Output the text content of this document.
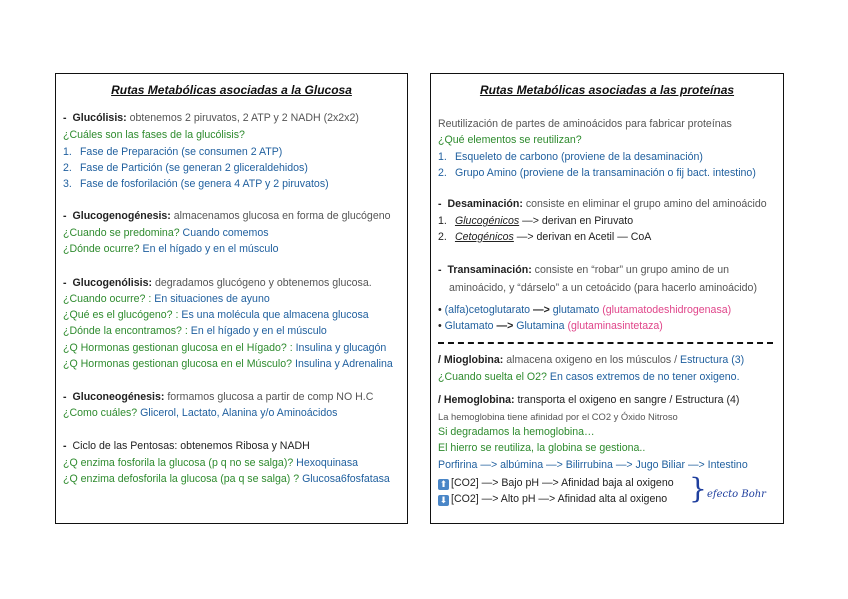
Rutas Metabólicas asociadas a la Glucosa
- Glucólisis: obtenemos 2 piruvatos, 2 ATP y 2 NADH (2x2x2)
¿Cuáles son las fases de la glucólisis?
1. Fase de Preparación (se consumen 2 ATP)
2. Fase de Partición (se generan 2 gliceraldehidos)
3. Fase de fosforilación (se genera 4 ATP y 2 piruvatos)
- Glucogenogénesis: almacenamos glucosa en forma de glucógeno
¿Cuando se predomina? Cuando comemos
¿Dónde ocurre? En el hígado y en el músculo
- Glucogenólisis: degradamos glucógeno y obtenemos glucosa.
¿Cuando ocurre? : En situaciones de ayuno
¿Qué es el glucógeno? : Es una molécula que almacena glucosa
¿Dónde la encontramos? : En el hígado y en el músculo
¿Q Hormonas gestionan glucosa en el Hígado? : Insulina y glucagón
¿Q Hormonas gestionan glucosa en el Músculo? Insulina y Adrenalina
- Gluconeogénesis: formamos glucosa a partir de comp NO H.C
¿Como cuáles? Glicerol, Lactato, Alanina y/o Aminoácidos
- Ciclo de las Pentosas: obtenemos Ribosa y NADH
¿Q enzima fosforila la glucosa (p q no se salga)? Hexoquinasa
¿Q enzima defosforila la glucosa (pa q se salga) ? Glucosa6fosfatasa
Rutas Metabólicas asociadas a las proteínas
Reutilización de partes de aminoácidos para fabricar proteínas
¿Qué elementos se reutilizan?
1. Esqueleto de carbono (proviene de la desaminación)
2. Grupo Amino (proviene de la transaminación o fij bact. intestino)
- Desaminación: consiste en eliminar el grupo amino del aminoácido
1. Glucogénicos —> derivan en Piruvato
2. Cetogénicos —> derivan en Acetil — CoA
- Transaminación: consiste en “robar” un grupo amino de un
aminoácido, y “dárselo” a un cetoácido (para hacerlo aminoácido)
• (alfa)cetoglutarato —> glutamato (glutamatodeshidrogenasa)
• Glutamato —> Glutamina (glutaminasintetaza)
/ Mioglobina: almacena oxigeno en los músculos / Estructura (3)
¿Cuando suelta el O2? En casos extremos de no tener oxigeno.
/ Hemoglobina: transporta el oxigeno en sangre / Estructura (4)
La hemoglobina tiene afinidad por el CO2 y Óxido Nitroso
Si degradamos la hemoglobina…
El hierro se reutiliza, la globina se gestiona..
Porfirina —> albúmina —> Bilirrubina —> Jugo Biliar —> Intestino
⬆ [CO2] —> Bajo pH —> Afinidad baja al oxigeno
⬇ [CO2] —> Alto pH —> Afinidad alta al oxigeno } efecto Bohr
